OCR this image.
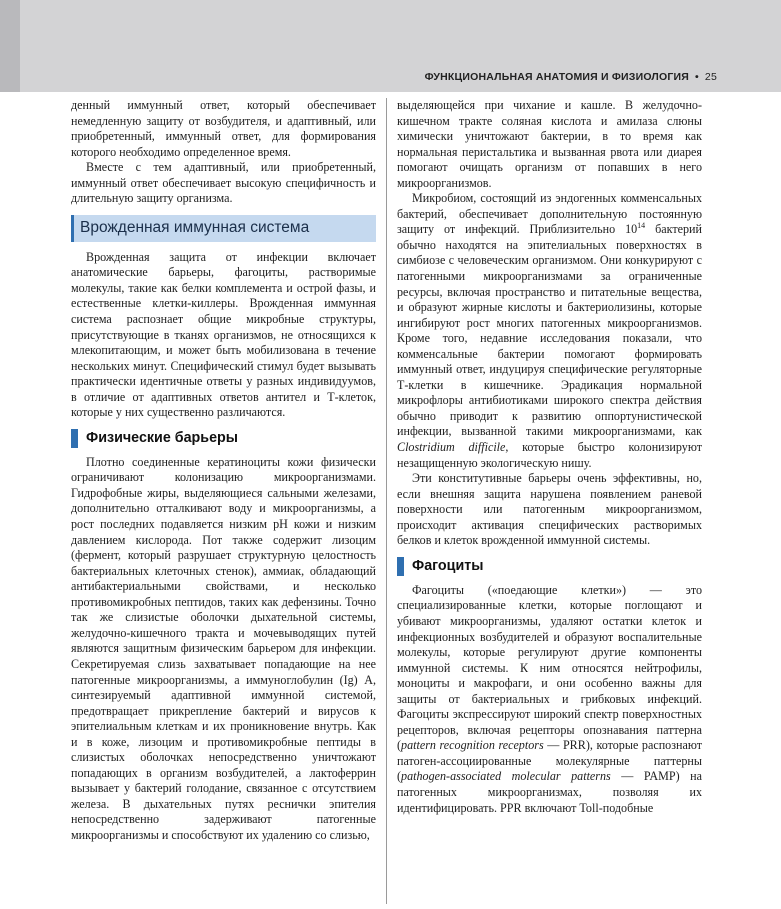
ФУНКЦИОНАЛЬНАЯ АНАТОМИЯ И ФИЗИОЛОГИЯ • 25

денный иммунный ответ, который обеспечивает немедленную защиту от возбудителя, и адаптивный, или приобретенный, иммунный ответ, для формирования которого необходимо определенное время.

Вместе с тем адаптивный, или приобретенный, иммунный ответ обеспечивает высокую специфичность и длительную защиту организма.

Врожденная иммунная система

Врожденная защита от инфекции включает анатомические барьеры, фагоциты, растворимые молекулы, такие как белки комплемента и острой фазы, и естественные клетки-киллеры. Врожденная иммунная система распознает общие микробные структуры, присутствующие в тканях организмов, не относящихся к млекопитающим, и может быть мобилизована в течение нескольких минут. Специфический стимул будет вызывать практически идентичные ответы у разных индивидуумов, в отличие от адаптивных ответов антител и Т-клеток, которые у них существенно различаются.

Физические барьеры

Плотно соединенные кератиноциты кожи физически ограничивают колонизацию микроорганизмами. Гидрофобные жиры, выделяющиеся сальными железами, дополнительно отталкивают воду и микроорганизмы, а рост последних подавляется низким pH кожи и низким давлением кислорода. Пот также содержит лизоцим (фермент, который разрушает структурную целостность бактериальных клеточных стенок), аммиак, обладающий антибактериальными свойствами, и несколько противомикробных пептидов, таких как дефензины. Точно так же слизистые оболочки дыхательной системы, желудочно-кишечного тракта и мочевыводящих путей являются защитным физическим барьером для инфекции. Секретируемая слизь захватывает попадающие на нее патогенные микроорганизмы, а иммуноглобулин (Ig) A, синтезируемый адаптивной иммунной системой, предотвращает прикрепление бактерий и вирусов к эпителиальным клеткам и их проникновение внутрь. Как и в коже, лизоцим и противомикробные пептиды в слизистых оболочках непосредственно уничтожают попадающих в организм возбудителей, а лактоферрин вызывает у бактерий голодание, связанное с отсутствием железа. В дыхательных путях реснички эпителия непосредственно задерживают патогенные микроорганизмы и способствуют их удалению со слизью,

выделяющейся при чихание и кашле. В желудочно-кишечном тракте соляная кислота и амилаза слюны химически уничтожают бактерии, в то время как нормальная перистальтика и вызванная рвота или диарея помогают очищать организм от попавших в него микроорганизмов.

Микробиом, состоящий из эндогенных комменсальных бактерий, обеспечивает дополнительную постоянную защиту от инфекций. Приблизительно $10^{14}$ бактерий обычно находятся на эпителиальных поверхностях в симбиозе с человеческим организмом. Они конкурируют с патогенными микроорганизмами за ограниченные ресурсы, включая пространство и питательные вещества, и образуют жирные кислоты и бактериолизины, которые ингибируют рост многих патогенных микроорганизмов. Кроме того, недавние исследования показали, что комменсальные бактерии помогают формировать иммунный ответ, индуцируя специфические регуляторные Т-клетки в кишечнике. Эрадикация нормальной микрофлоры антибиотиками широкого спектра действия обычно приводит к развитию оппортунистической инфекции, вызванной такими микроорганизмами, как Clostridium difficile, которые быстро колонизируют незащищенную экологическую нишу.

Эти конститутивные барьеры очень эффективны, но, если внешняя защита нарушена появлением раневой поверхности или патогенным микроорганизмом, происходит активация специфических растворимых белков и клеток врожденной иммунной системы.

Фагоциты

Фагоциты («поедающие клетки») — это специализированные клетки, которые поглощают и убивают микроорганизмы, удаляют остатки клеток и инфекционных возбудителей и образуют воспалительные молекулы, которые регулируют другие компоненты иммунной системы. К ним относятся нейтрофилы, моноциты и макрофаги, и они особенно важны для защиты от бактериальных и грибковых инфекций. Фагоциты экспрессируют широкий спектр поверхностных рецепторов, включая рецепторы опознавания паттерна (pattern recognition receptors — PRR), которые распознают патоген-ассоциированные молекулярные паттерны (pathogen-associated molecular patterns — PAMP) на патогенных микроорганизмах, позволяя их идентифицировать. PPR включают Toll-подобные
